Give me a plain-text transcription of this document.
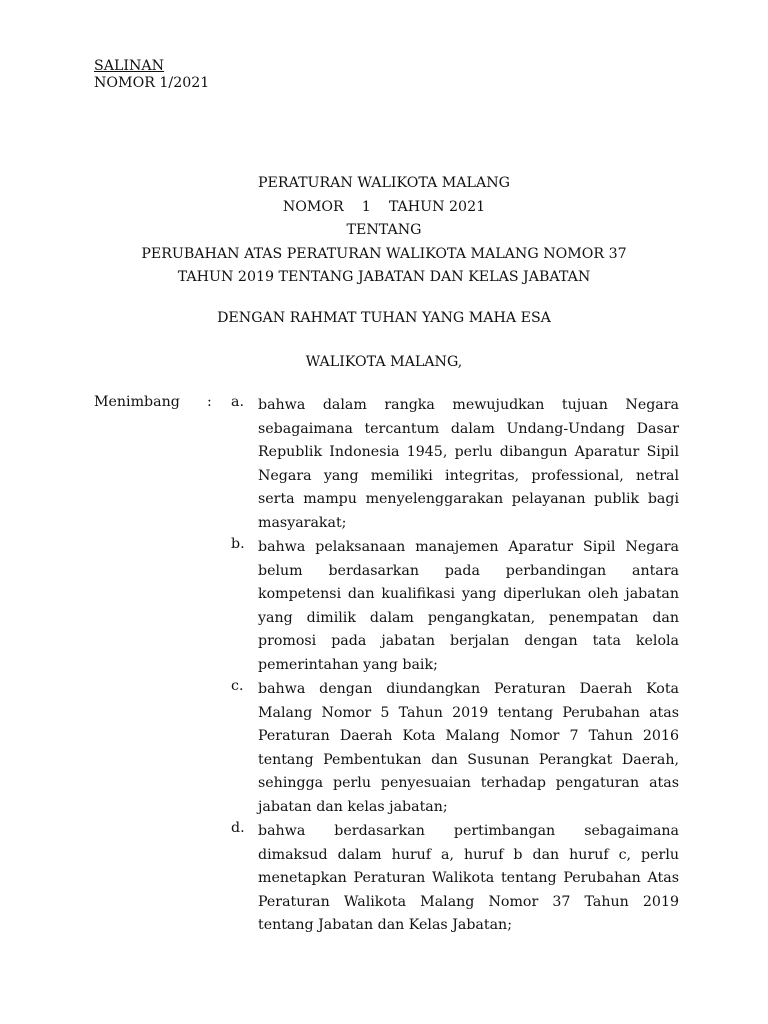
SALINAN
NOMOR 1/2021
PERATURAN WALIKOTA MALANG
NOMOR    1    TAHUN 2021
TENTANG
PERUBAHAN ATAS PERATURAN WALIKOTA MALANG NOMOR 37
TAHUN 2019 TENTANG JABATAN DAN KELAS JABATAN
DENGAN RAHMAT TUHAN YANG MAHA ESA
WALIKOTA MALANG,
Menimbang : a. bahwa dalam rangka mewujudkan tujuan Negara sebagaimana tercantum dalam Undang-Undang Dasar Republik Indonesia 1945, perlu dibangun Aparatur Sipil Negara yang memiliki integritas, professional, netral serta mampu menyelenggarakan pelayanan publik bagi masyarakat;
b. bahwa pelaksanaan manajemen Aparatur Sipil Negara belum berdasarkan pada perbandingan antara kompetensi dan kualifikasi yang diperlukan oleh jabatan yang dimilik dalam pengangkatan, penempatan dan promosi pada jabatan berjalan dengan tata kelola pemerintahan yang baik;
c. bahwa dengan diundangkan Peraturan Daerah Kota Malang Nomor 5 Tahun 2019 tentang Perubahan atas Peraturan Daerah Kota Malang Nomor 7 Tahun 2016 tentang Pembentukan dan Susunan Perangkat Daerah, sehingga perlu penyesuaian terhadap pengaturan atas jabatan dan kelas jabatan;
d. bahwa berdasarkan pertimbangan sebagaimana dimaksud dalam huruf a, huruf b dan huruf c, perlu menetapkan Peraturan Walikota tentang Perubahan Atas Peraturan Walikota Malang Nomor 37 Tahun 2019 tentang Jabatan dan Kelas Jabatan;
